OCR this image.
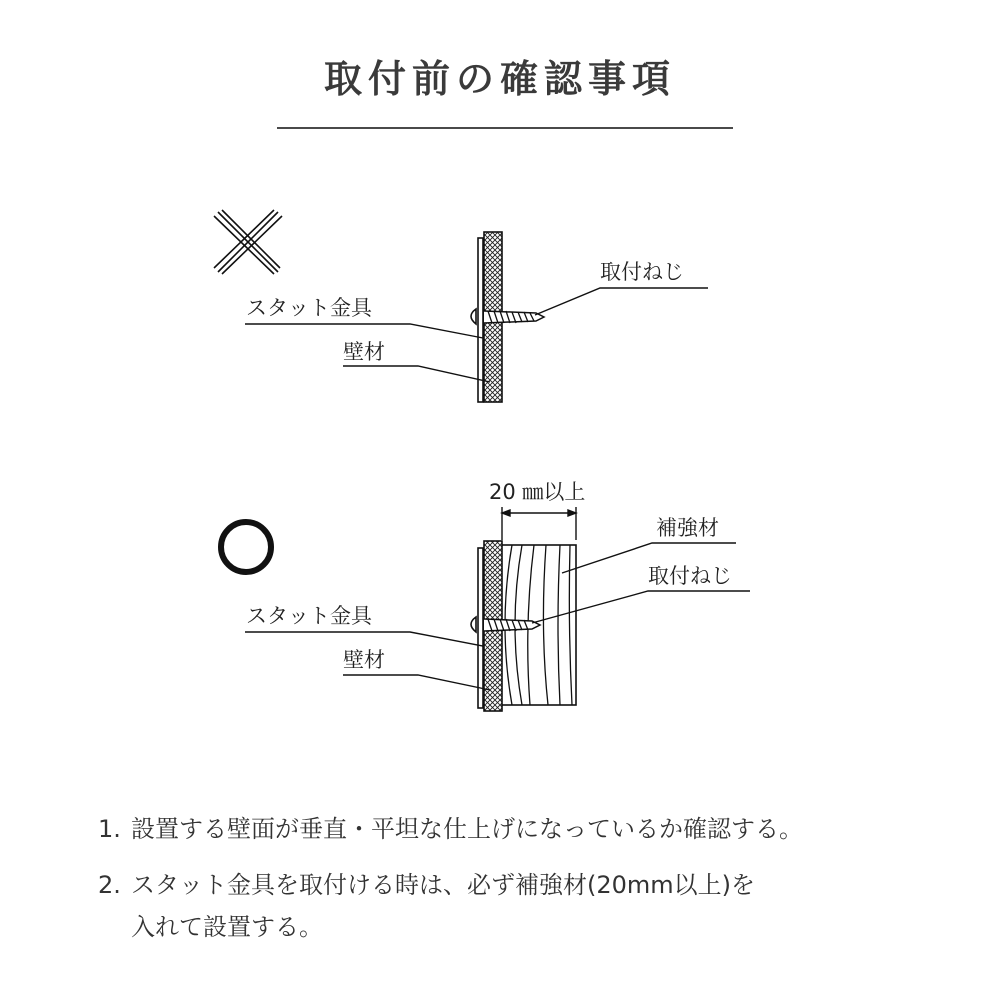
取付前の確認事項
取付ねじ
スタット金具
壁材
20 ㎜以上
補強材
取付ねじ
スタット金具
壁材
1. 設置する壁面が垂直・平坦な仕上げになっているか確認する。
2. スタット金具を取付ける時は、必ず補強材(20mm以上)を
入れて設置する。
